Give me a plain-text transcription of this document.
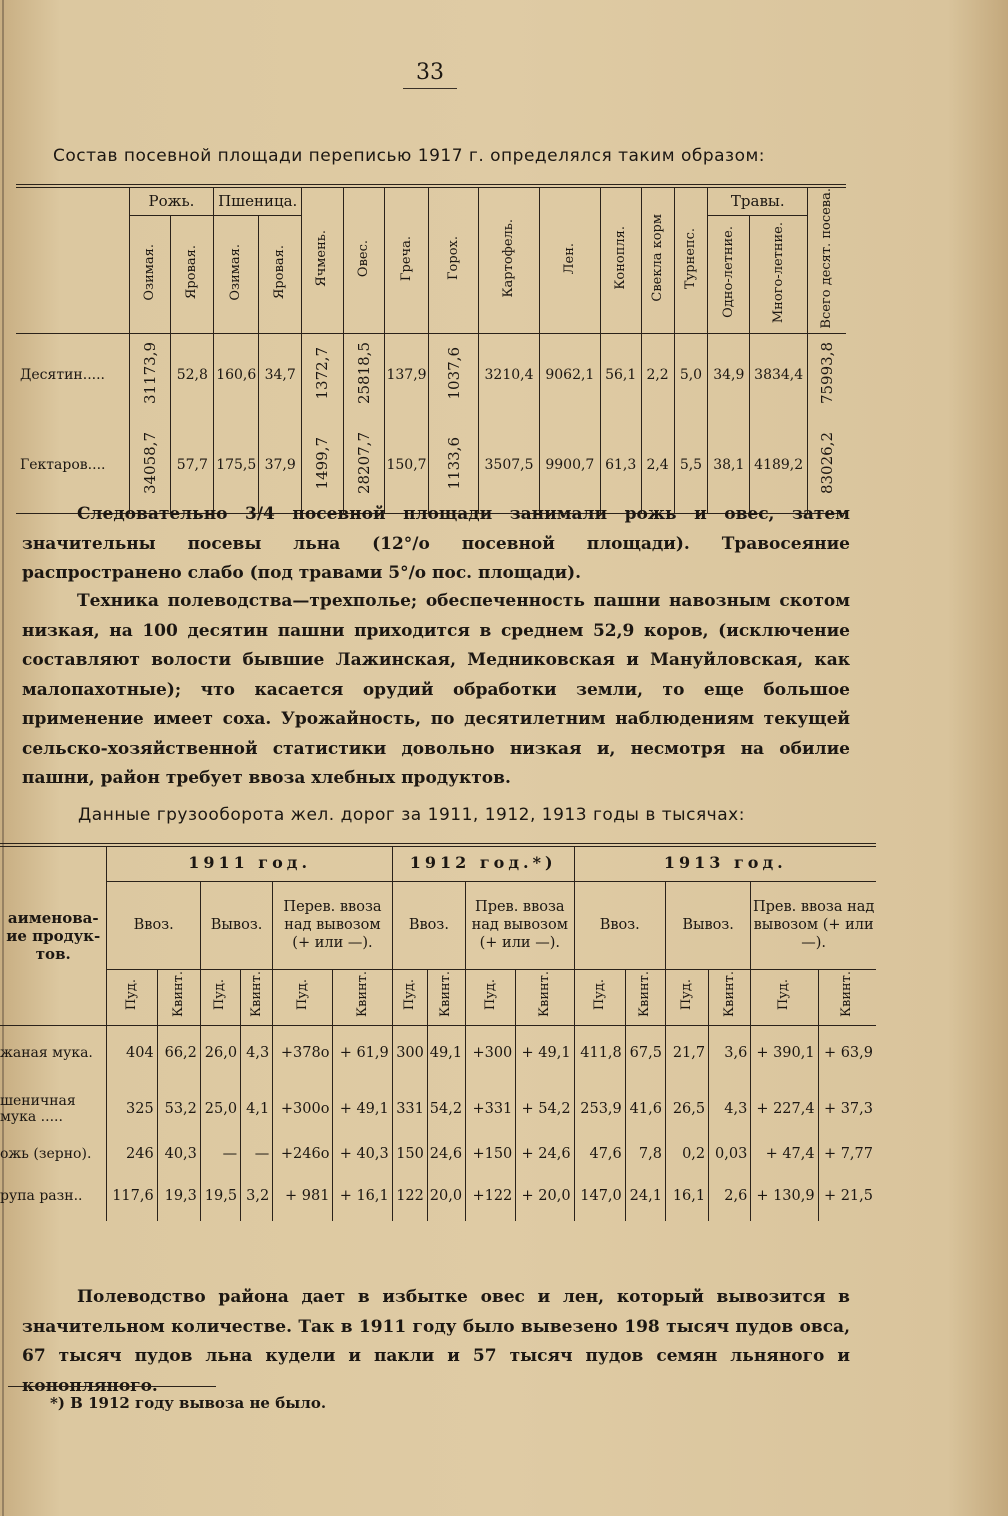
33
Состав посевной площади переписью 1917 г. определялся таким образом:
	Рожь.		Пшеница.		Ячмень.	Овес.	Греча.	Горох.	Картофель.	Лен.	Конопля.	Свекла корм	Турнепс.	Травы.		Всего десят. посева.
	Озимая.	Яровая.	Озимая.	Яровая.										Одно-летние.	Много-летние.	
Десятин.....	31173,9	52,8	160,6	34,7	1372,7	25818,5	137,9	1037,6	3210,4	9062,1	56,1	2,2	5,0	34,9	3834,4	75993,8
Гектаров....	34058,7	57,7	175,5	37,9	1499,7	28207,7	150,7	1133,6	3507,5	9900,7	61,3	2,4	5,5	38,1	4189,2	83026,2
Следовательно 3/4 посевной площади занимали рожь и овес, затем значительны посевы льна (12°/о посевной площади). Травосеяние распространено слабо (под травами 5°/о пос. площади).
Техника полеводства—трехполье; обеспеченность пашни навозным скотом низкая, на 100 десятин пашни приходится в среднем 52,9 коров, (исключение составляют волости бывшие Лажинская, Медниковская и Мануйловская, как малопахотные); что касается орудий обработки земли, то еще большое применение имеет соха. Урожайность, по десятилетним наблюдениям текущей сельско-хозяйственной статистики довольно низкая и, несмотря на обилие пашни, район требует ввоза хлебных продуктов.
Данные грузооборота жел. дорог за 1911, 1912, 1913 годы в тысячах:
аименова-ие продук-тов.	1911 год.						1912 год.*)				1913 год.					
	Ввоз.		Вывоз.		Перев. ввоза над вывозом (+ или —).		Ввоз.		Прев. ввоза над вывозом (+ или —).		Ввоз.		Вывоз.		Прев. ввоза над вывозом (+ или —).	
	Пуд.	Квинт.	Пуд.	Квинт.	Пуд.	Квинт.	Пуд.	Квинт.	Пуд.	Квинт.	Пуд.	Квинт.	Пуд.	Квинт.	Пуд.	Квинт.
жаная мука.	404	66,2	26,0	4,3	+378о	+ 61,9	300	49,1	+300	+ 49,1	411,8	67,5	21,7	3,6	+ 390,1	+ 63,9
шеничная мука .....	325	53,2	25,0	4,1	+300о	+ 49,1	331	54,2	+331	+ 54,2	253,9	41,6	26,5	4,3	+ 227,4	+ 37,3
ожь (зерно).	246	40,3	—	—	+246о	+ 40,3	150	24,6	+150	+ 24,6	47,6	7,8	0,2	0,03	+ 47,4	+ 7,77
рупа разн..	117,6	19,3	19,5	3,2	+ 981	+ 16,1	122	20,0	+122	+ 20,0	147,0	24,1	16,1	2,6	+ 130,9	+ 21,5
Полеводство района дает в избытке овес и лен, который вывозится в значительном количестве. Так в 1911 году было вывезено 198 тысяч пудов овса, 67 тысяч пудов льна кудели и пакли и 57 тысяч пудов семян льняного и конопляного.
*) В 1912 году вывоза не было.
